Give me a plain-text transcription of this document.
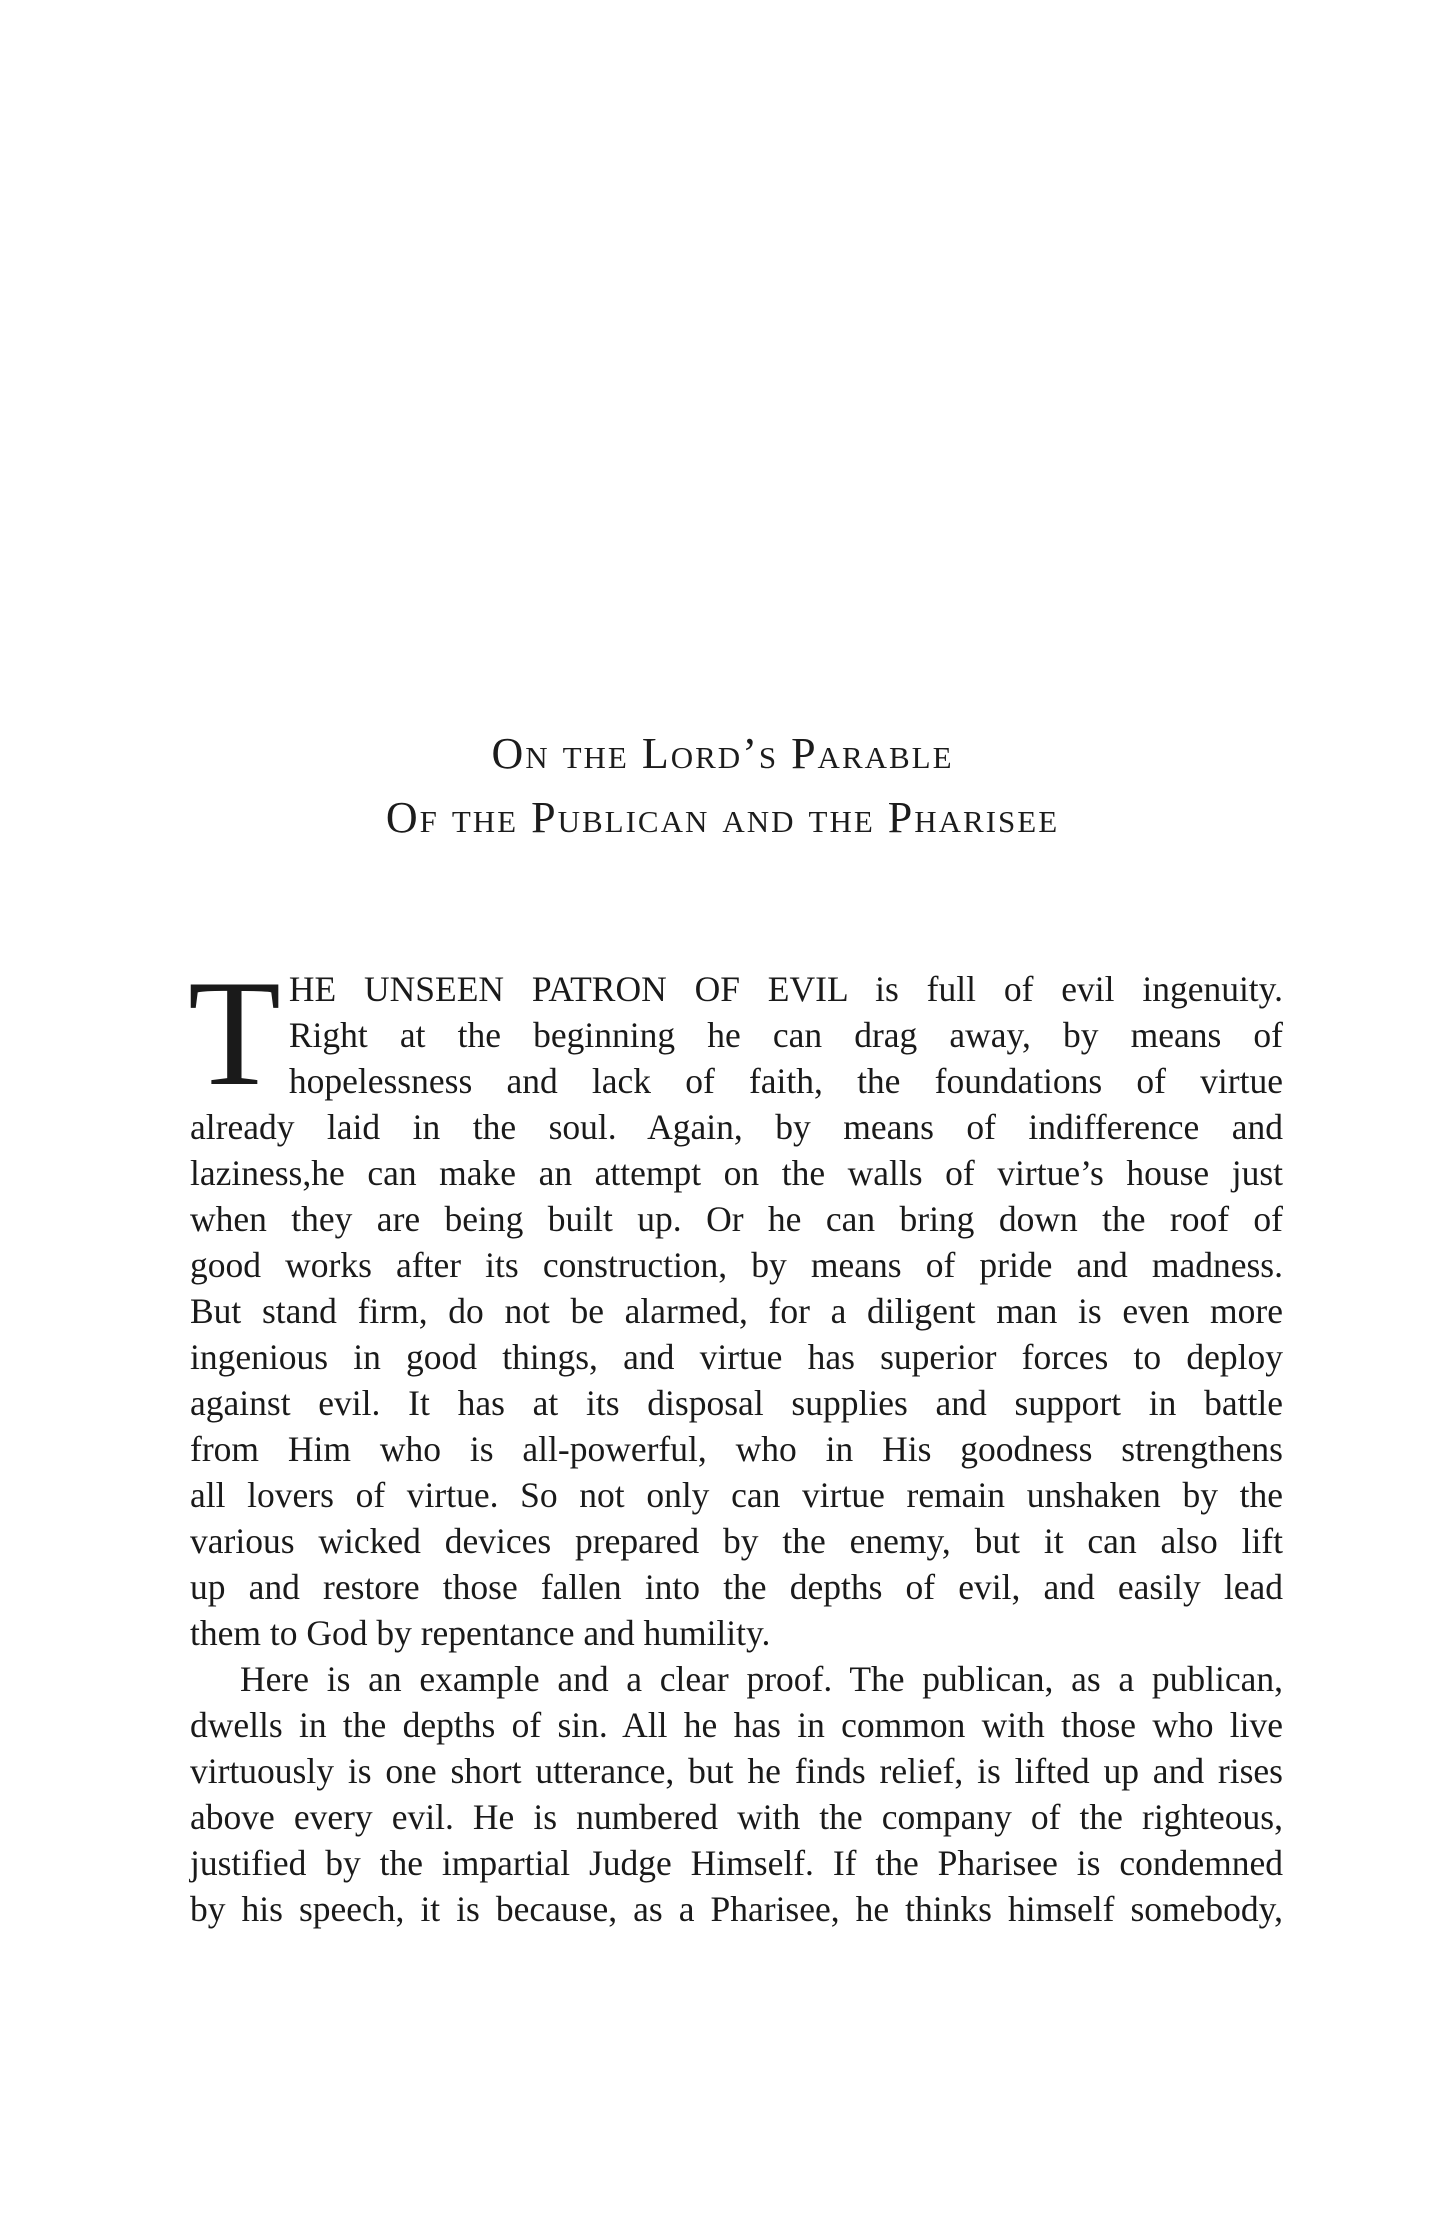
On the Lord’s Parable
Of the Publican and the Pharisee
T HE UNSEEN PATRON OF EVIL is full of evil ingenuity.
Right at the beginning he can drag away, by means of
hopelessness and lack of faith, the foundations of virtue
already laid in the soul. Again, by means of indifference and
laziness,he can make an attempt on the walls of virtue’s house just
when they are being built up. Or he can bring down the roof of
good works after its construction, by means of pride and madness.
But stand firm, do not be alarmed, for a diligent man is even more
ingenious in good things, and virtue has superior forces to deploy
against evil. It has at its disposal supplies and support in battle
from Him who is all-powerful, who in His goodness strengthens
all lovers of virtue. So not only can virtue remain unshaken by the
various wicked devices prepared by the enemy, but it can also lift
up and restore those fallen into the depths of evil, and easily lead
them to God by repentance and humility.
Here is an example and a clear proof. The publican, as a publican,
dwells in the depths of sin. All he has in common with those who live
virtuously is one short utterance, but he finds relief, is lifted up and rises
above every evil. He is numbered with the company of the righteous,
justified by the impartial Judge Himself. If the Pharisee is condemned
by his speech, it is because, as a Pharisee, he thinks himself somebody,
